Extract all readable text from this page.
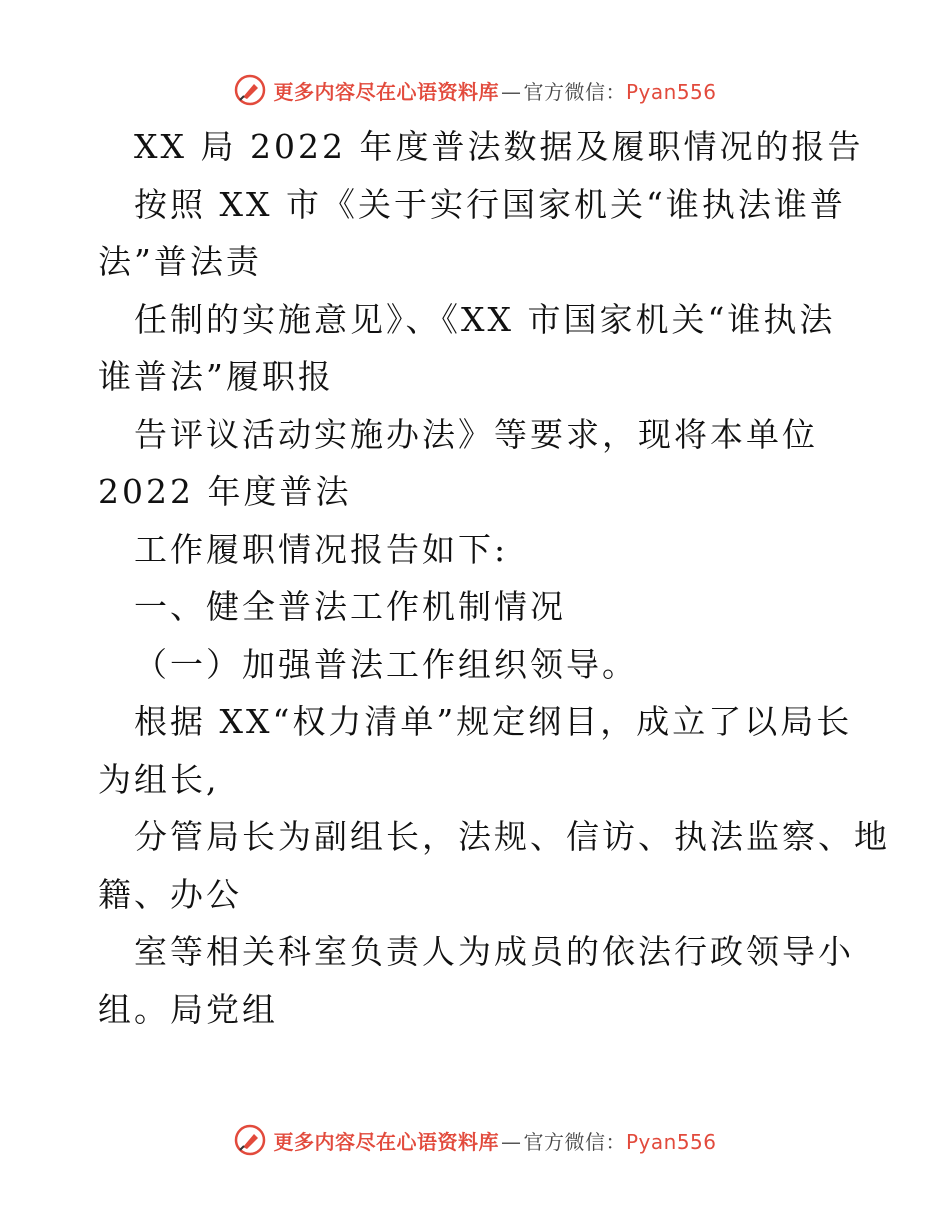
更多内容尽在心语资料库 — 官方微信：Pyan556
XX 局 2022 年度普法数据及履职情况的报告
按照 XX 市《关于实行国家机关“谁执法谁普
法”普法责
任制的实施意见》、《XX 市国家机关“谁执法
谁普法”履职报
告评议活动实施办法》等要求，现将本单位
2022 年度普法
工作履职情况报告如下:
一、健全普法工作机制情况
（一）加强普法工作组织领导。
根据 XX“权力清单”规定纲目，成立了以局长
为组长,
分管局长为副组长，法规、信访、执法监察、地
籍、办公
室等相关科室负责人为成员的依法行政领导小
组。局党组
更多内容尽在心语资料库 — 官方微信：Pyan556
